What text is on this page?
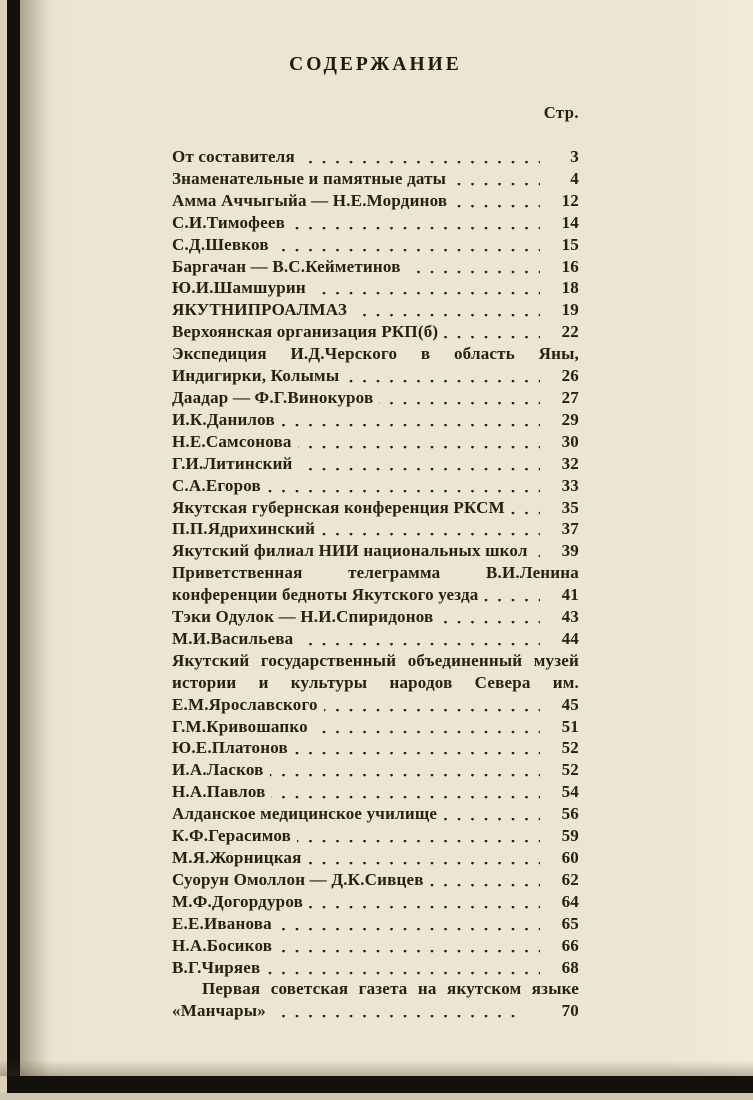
СОДЕРЖАНИЕ
Стр.
От составителя	3
Знаменательные и памятные даты	4
Амма Аччыгыйа — Н.Е.Мординов	12
С.И.Тимофеев	14
С.Д.Шевков	15
Баргачан — В.С.Кейметинов	16
Ю.И.Шамшурин	18
ЯКУТНИПРОАЛМАЗ	19
Верхоянская организация РКП(б)	22
Экспедиция И.Д.Черского в область Яны, Индигирки, Колымы	26
Даадар — Ф.Г.Винокуров	27
И.К.Данилов	29
Н.Е.Самсонова	30
Г.И.Литинский	32
С.А.Егоров	33
Якутская губернская конференция РКСМ	35
П.П.Ядрихинский	37
Якутский филиал НИИ национальных школ	39
Приветственная телеграмма В.И.Ленина конференции бедноты Якутского уезда	41
Тэки Одулок — Н.И.Спиридонов	43
М.И.Васильева	44
Якутский государственный объединенный музей истории и культуры народов Севера им. Е.М.Ярославского	45
Г.М.Кривошапко	51
Ю.Е.Платонов	52
И.А.Ласков	52
Н.А.Павлов	54
Алданское медицинское училище	56
К.Ф.Герасимов	59
М.Я.Жорницкая	60
Суорун Омоллон — Д.К.Сивцев	62
М.Ф.Догордуров	64
Е.Е.Иванова	65
Н.А.Босиков	66
В.Г.Чиряев	68
Первая советская газета на якутском языке «Манчары»	70
